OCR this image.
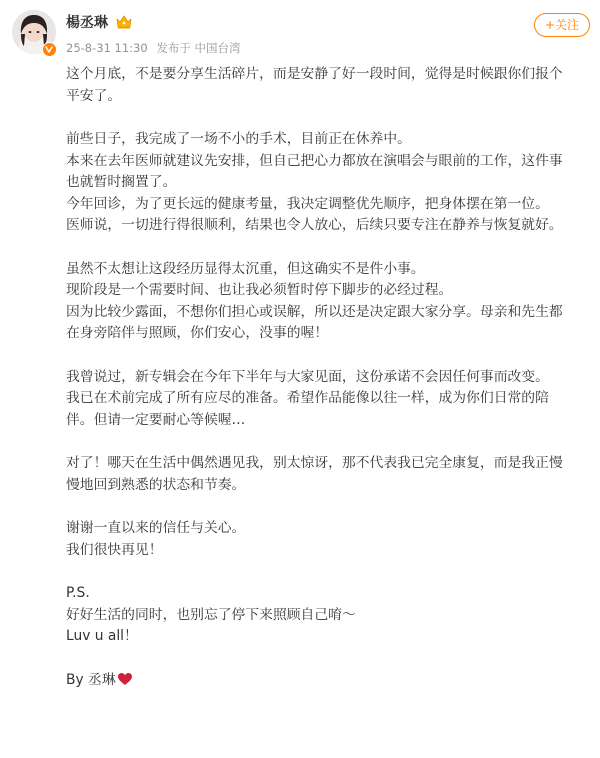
楊丞琳
25-8-31 11:30 发布于 中国台湾
+关注
这个月底，不是要分享生活碎片，而是安静了好一段时间，觉得是时候跟你们报个
平安了。
前些日子，我完成了一场不小的手术，目前正在休养中。
本来在去年医师就建议先安排，但自己把心力都放在演唱会与眼前的工作，这件事
也就暂时搁置了。
今年回诊，为了更长远的健康考量，我决定调整优先顺序，把身体摆在第一位。
医师说，一切进行得很顺利，结果也令人放心，后续只要专注在静养与恢复就好。
虽然不太想让这段经历显得太沉重，但这确实不是件小事。
现阶段是一个需要时间、也让我必须暂时停下脚步的必经过程。
因为比较少露面，不想你们担心或误解，所以还是决定跟大家分享。母亲和先生都
在身旁陪伴与照顾，你们安心，没事的喔！
我曾说过，新专辑会在今年下半年与大家见面，这份承诺不会因任何事而改变。
我已在术前完成了所有应尽的准备。希望作品能像以往一样，成为你们日常的陪
伴。但请一定要耐心等候喔…
对了！哪天在生活中偶然遇见我，别太惊讶，那不代表我已完全康复，而是我正慢
慢地回到熟悉的状态和节奏。
谢谢一直以来的信任与关心。
我们很快再见！
P.S.
好好生活的同时，也别忘了停下来照顾自己唷～
Luv u all！
By 丞琳
